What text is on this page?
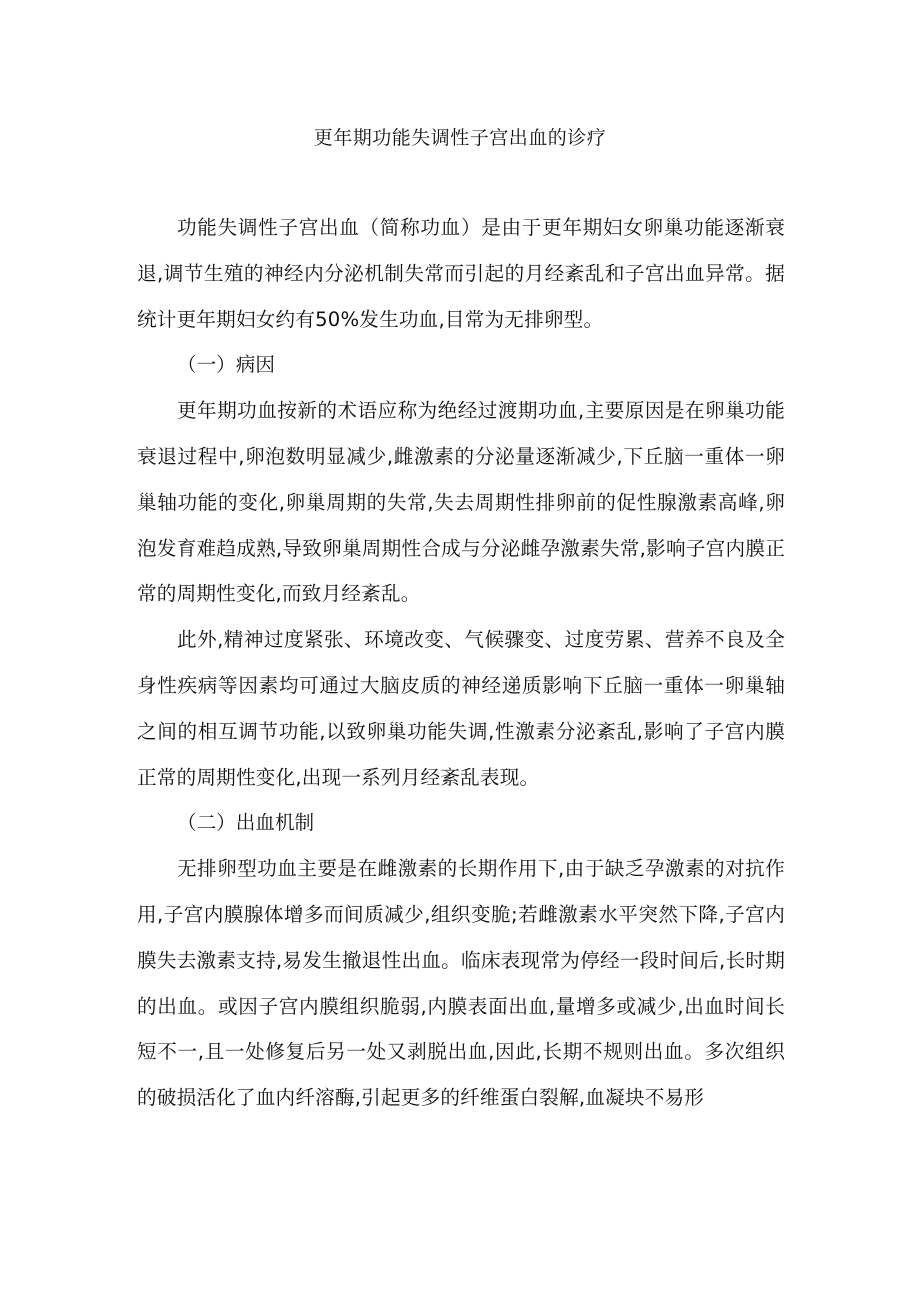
更年期功能失调性子宫出血的诊疗

功能失调性子宫出血（简称功血）是由于更年期妇女卵巢功能逐渐衰退,调节生殖的神经内分泌机制失常而引起的月经紊乱和子宫出血异常。据统计更年期妇女约有50%发生功血,目常为无排卵型。

（一）病因

更年期功血按新的术语应称为绝经过渡期功血,主要原因是在卵巢功能衰退过程中,卵泡数明显减少,雌激素的分泌量逐渐减少,下丘脑一重体一卵巢轴功能的变化,卵巢周期的失常,失去周期性排卵前的促性腺激素高峰,卵泡发育难趋成熟,导致卵巢周期性合成与分泌雌孕激素失常,影响子宫内膜正常的周期性变化,而致月经紊乱。

此外,精神过度紧张、环境改变、气候骤变、过度劳累、营养不良及全身性疾病等因素均可通过大脑皮质的神经递质影响下丘脑一重体一卵巢轴之间的相互调节功能,以致卵巢功能失调,性激素分泌紊乱,影响了子宫内膜正常的周期性变化,出现一系列月经紊乱表现。

（二）出血机制

无排卵型功血主要是在雌激素的长期作用下,由于缺乏孕激素的对抗作用,子宫内膜腺体增多而间质减少,组织变脆;若雌激素水平突然下降,子宫内膜失去激素支持,易发生撤退性出血。临床表现常为停经一段时间后,长时期的出血。或因子宫内膜组织脆弱,内膜表面出血,量增多或减少,出血时间长短不一,且一处修复后另一处又剥脱出血,因此,长期不规则出血。多次组织的破损活化了血内纤溶酶,引起更多的纤维蛋白裂解,血凝块不易形
